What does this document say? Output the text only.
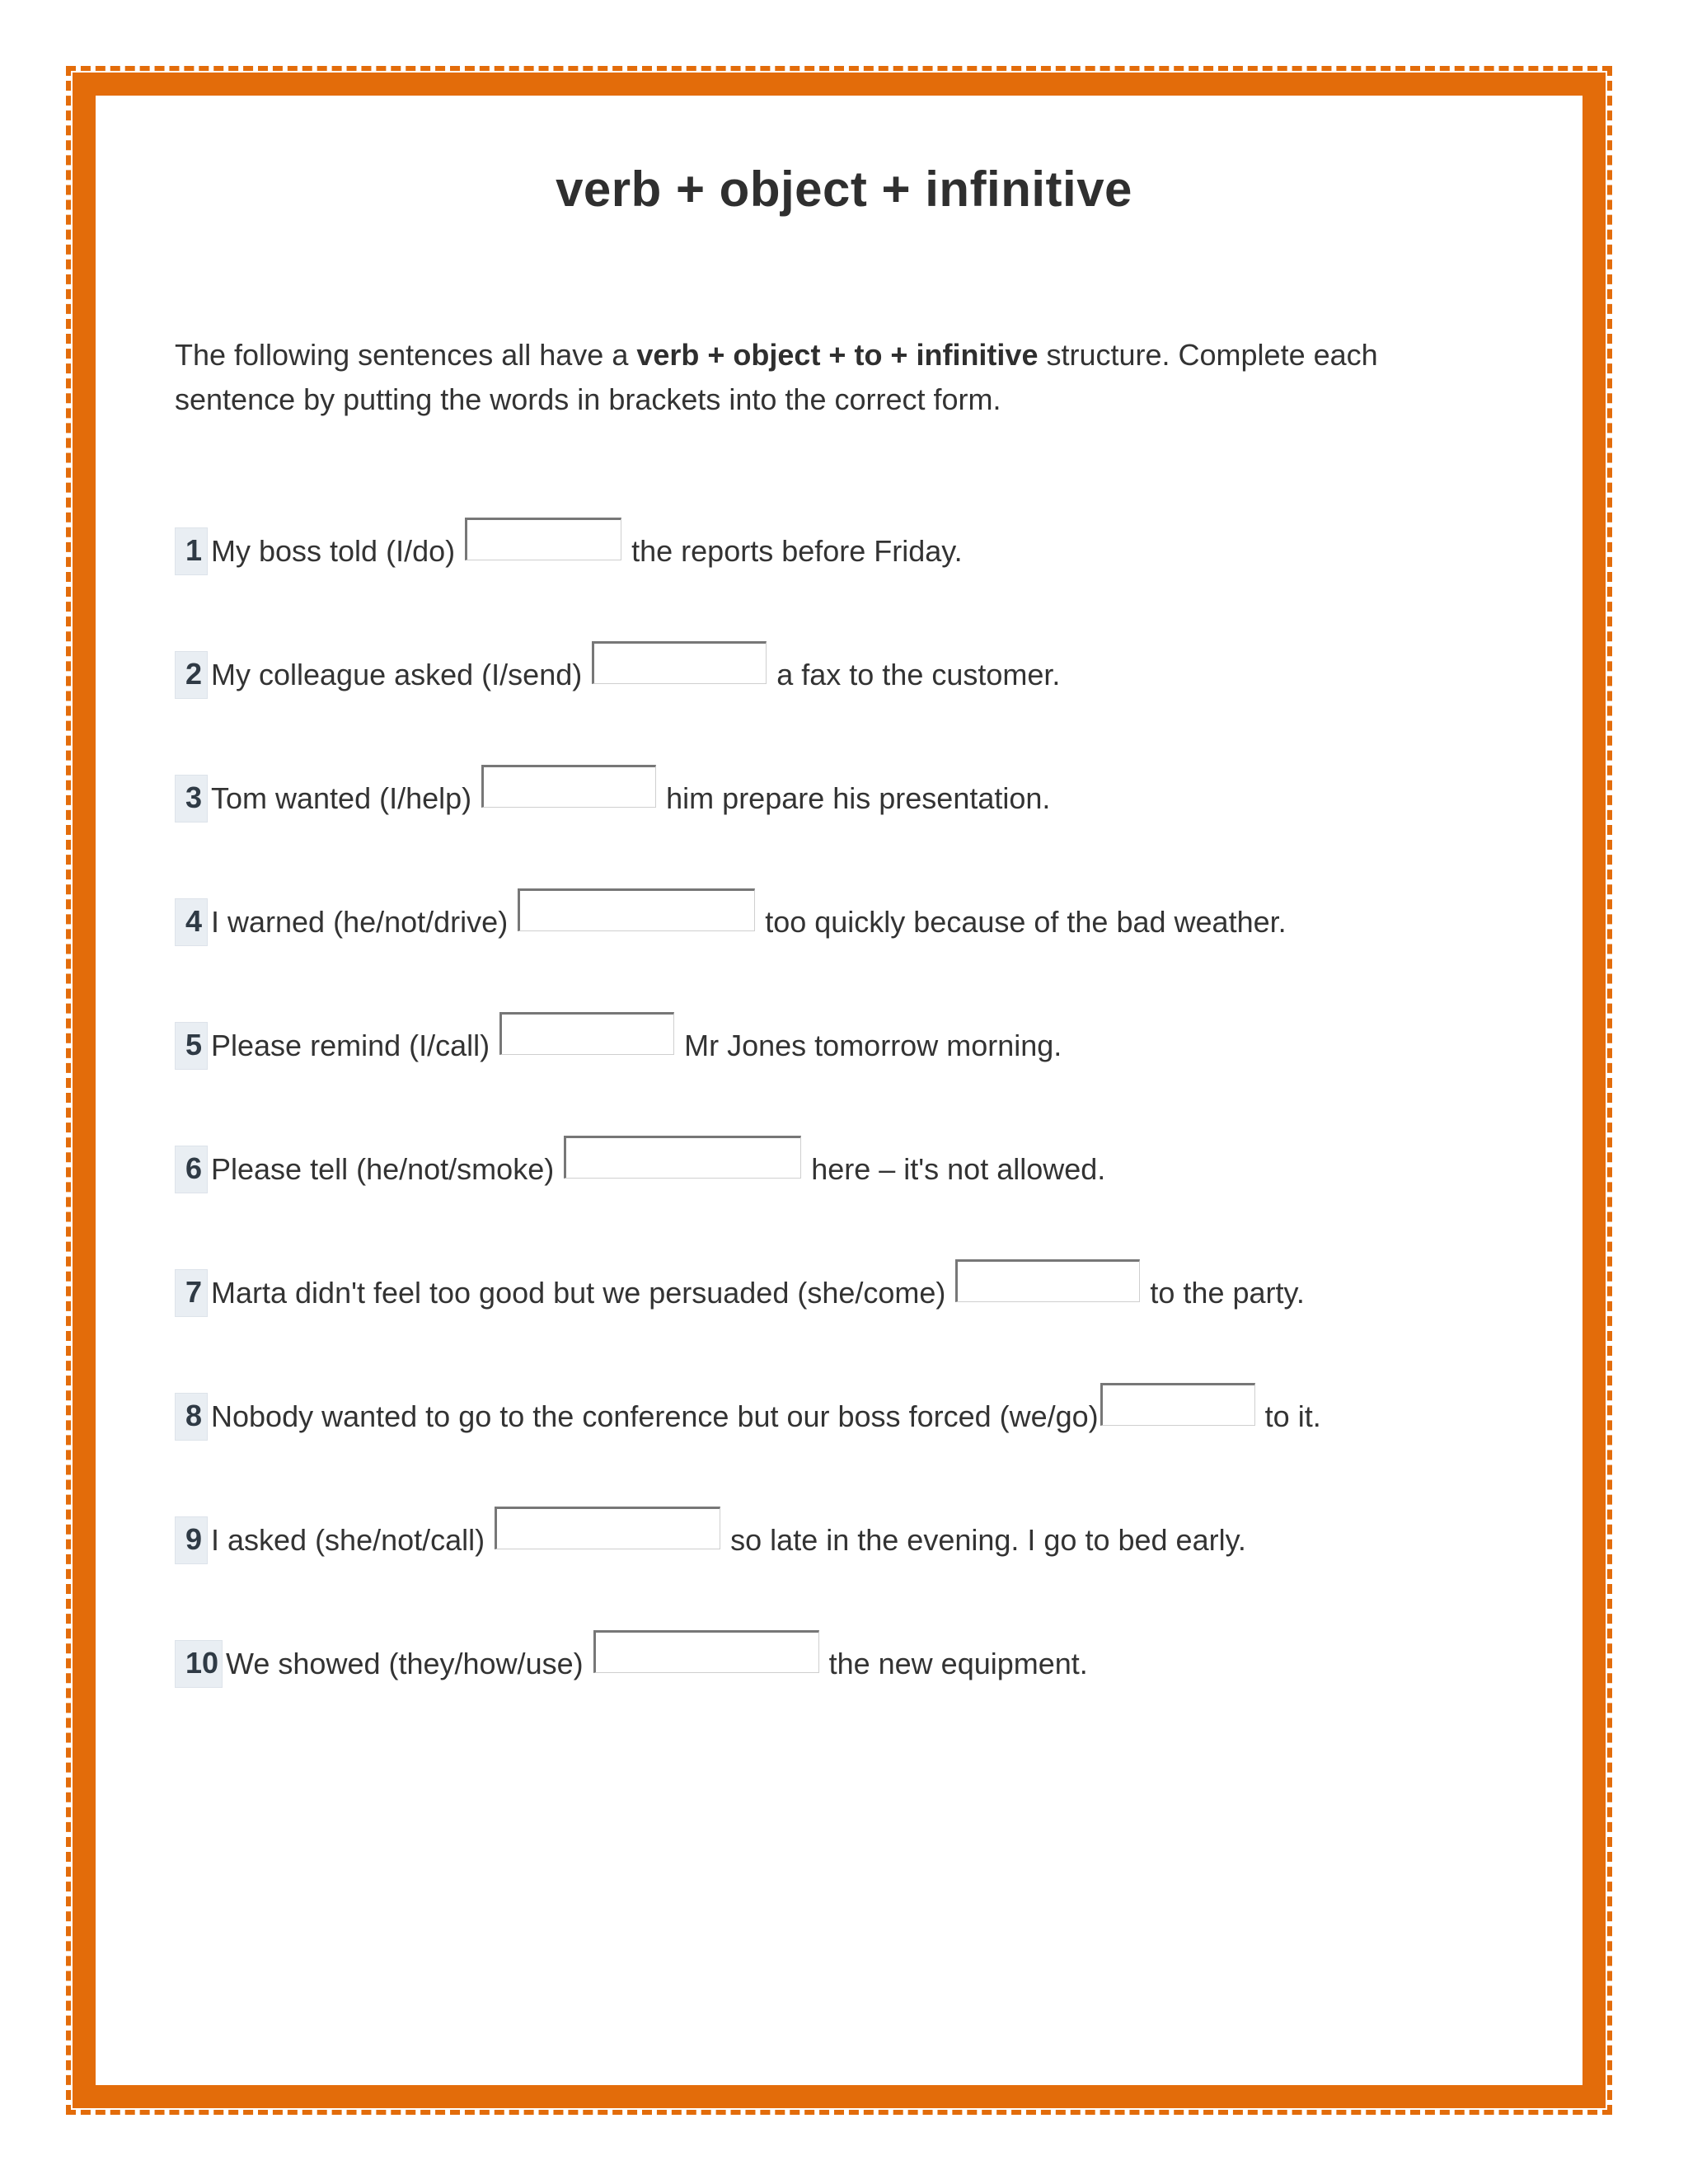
verb + object + infinitive
The following sentences all have a verb + object + to + infinitive structure. Complete each sentence by putting the words in brackets into the correct form.
1 My boss told (I/do)	the reports before Friday.
2 My colleague asked (I/send)	a fax to the customer.
3 Tom wanted (I/help)	him prepare his presentation.
4 I warned (he/not/drive)	too quickly because of the bad weather.
5 Please remind (I/call)	Mr Jones tomorrow morning.
6 Please tell (he/not/smoke)	here – it's not allowed.
7 Marta didn't feel too good but we persuaded (she/come)	to the party.
8 Nobody wanted to go to the conference but our boss forced (we/go)	to it.
9 I asked (she/not/call)	so late in the evening. I go to bed early.
10 We showed (they/how/use)	the new equipment.
